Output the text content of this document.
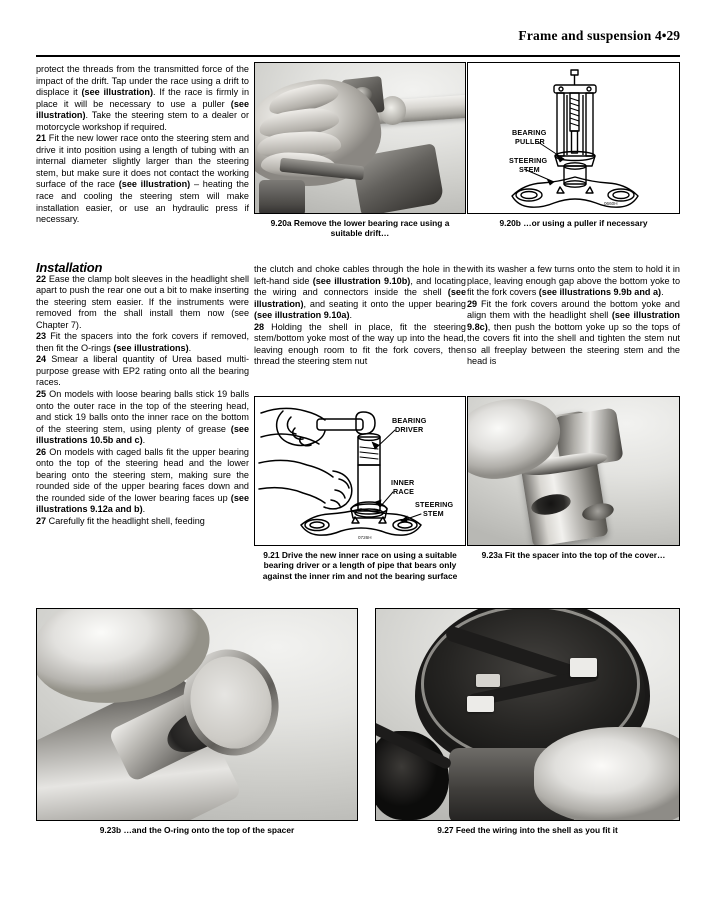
Frame and suspension 4•29

protect the threads from the transmitted force of the impact of the drift. Tap under the race using a drift to displace it (see illustration). If the race is firmly in place it will be necessary to use a puller (see illustration). Take the steering stem to a dealer or motorcycle workshop if required.

21 Fit the new lower race onto the steering stem and drive it into position using a length of tubing with an internal diameter slightly larger than the steering stem, but make sure it does not contact the working surface of the race (see illustration) – heating the race and cooling the steering stem will make installation easier, or use an hydraulic press if necessary.

Installation

22 Ease the clamp bolt sleeves in the headlight shell apart to push the rear one out a bit to make inserting the steering stem easier. If the instruments were removed from the shall install them now (see Chapter 7).

23 Fit the spacers into the fork covers if removed, then fit the O-rings (see illustrations).

24 Smear a liberal quantity of Urea based multi-purpose grease with EP2 rating onto all the bearing races.

25 On models with loose bearing balls stick 19 balls onto the outer race in the top of the steering head, and stick 19 balls onto the inner race on the bottom of the steering stem, using plenty of grease (see illustrations 10.5b and c).

26 On models with caged balls fit the upper bearing onto the top of the steering head and the lower bearing onto the steering stem, making sure the rounded side of the upper bearing faces down and the rounded side of the lower bearing faces up (see illustrations 9.12a and b).

27 Carefully fit the headlight shell, feeding

the clutch and choke cables through the hole in the left-hand side (see illustration 9.10b), and locating the wiring and connectors inside the shell (see illustration), and seating it onto the upper bearing (see illustration 9.10a).

28 Holding the shell in place, fit the steering stem/bottom yoke most of the way up into the head, leaving enough room to fit the fork covers, then thread the steering stem nut

with its washer a few turns onto the stem to hold it in place, leaving enough gap above the bottom yoke to fit the fork covers (see illustrations 9.9b and a).

29 Fit the fork covers around the bottom yoke and align them with the headlight shell (see illustration 9.8c), then push the bottom yoke up so the tops of the covers fit into the shell and tighten the stem nut so all freeplay between the steering stem and the head is

9.20a Remove the lower bearing race using a suitable drift…
BEARING
PULLER
STEERING
STEM
0660H
9.20b …or using a puller if necessary
BEARING
DRIVER
INNER
RACE
STEERING
STEM
0726H
9.21 Drive the new inner race on using a suitable bearing driver or a length of pipe that bears only against the inner rim and not the bearing surface
9.23a Fit the spacer into the top of the cover…
9.23b …and the O-ring onto the top of the spacer	9.27 Feed the wiring into the shell as you fit it
